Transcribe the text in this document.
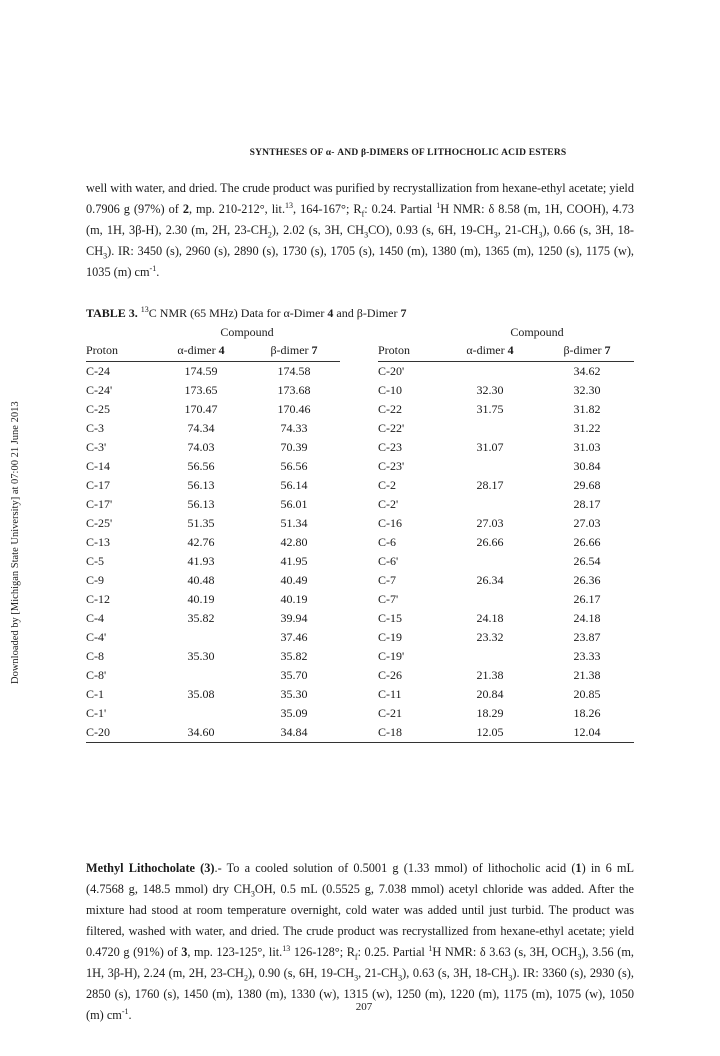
SYNTHESES OF α- AND β-DIMERS OF LITHOCHOLIC ACID ESTERS
Downloaded by [Michigan State University] at 07:00 21 June 2013

well with water, and dried. The crude product was purified by recrystallization from hexane-ethyl acetate; yield 0.7906 g (97%) of 2, mp. 210-212°, lit.$^{13}$, 164-167°; $R_f$: 0.24. Partial $^1$H NMR: δ 8.58 (m, 1H, COOH), 4.73 (m, 1H, 3β-H), 2.30 (m, 2H, $23-CH_2$), 2.02 (s, 3H, $CH_3CO$), 0.93 (s, 6H, $19-CH_3$, $21-CH_3$), 0.66 (s, 3H, $18-CH_3$). IR: 3450 (s), 2960 (s), 2890 (s), 1730 (s), 1705 (s), 1450 (m), 1380 (m), 1365 (m), 1250 (s), 1175 (w), 1035 (m) $cm^{-1}$.

TABLE 3. $^{13}$C NMR (65 MHz) Data for α-Dimer 4 and β-Dimer 7

	Compound				Compound	
Proton	α-dimer 4	β-dimer 7		Proton	α-dimer 4	β-dimer 7
C-24	174.59	174.58		C-20'		34.62
C-24'	173.65	173.68		C-10	32.30	32.30
C-25	170.47	170.46		C-22	31.75	31.82
C-3	74.34	74.33		C-22'		31.22
C-3'	74.03	70.39		C-23	31.07	31.03
C-14	56.56	56.56		C-23'		30.84
C-17	56.13	56.14		C-2	28.17	29.68
C-17'	56.13	56.01		C-2'		28.17
C-25'	51.35	51.34		C-16	27.03	27.03
C-13	42.76	42.80		C-6	26.66	26.66
C-5	41.93	41.95		C-6'		26.54
C-9	40.48	40.49		C-7	26.34	26.36
C-12	40.19	40.19		C-7'		26.17
C-4	35.82	39.94		C-15	24.18	24.18
C-4'		37.46		C-19	23.32	23.87
C-8	35.30	35.82		C-19'		23.33
C-8'		35.70		C-26	21.38	21.38
C-1	35.08	35.30		C-11	20.84	20.85
C-1'		35.09		C-21	18.29	18.26
C-20	34.60	34.84		C-18	12.05	12.04

Methyl Lithocholate (3).- To a cooled solution of 0.5001 g (1.33 mmol) of lithocholic acid (1) in 6 mL (4.7568 g, 148.5 mmol) dry $CH_3OH$, 0.5 mL (0.5525 g, 7.038 mmol) acetyl chloride was added. After the mixture had stood at room temperature overnight, cold water was added until just turbid. The product was filtered, washed with water, and dried. The crude product was recrystallized from hexane-ethyl acetate; yield 0.4720 g (91%) of 3, mp. 123-125°, lit.$^{13}$ 126-128°; $R_f$: 0.25. Partial $^1$H NMR: δ 3.63 (s, 3H, $OCH_3$), 3.56 (m, 1H, 3β-H), 2.24 (m, 2H, $23-CH_2$), 0.90 (s, 6H, $19-CH_3$, $21-CH_3$), 0.63 (s, 3H, $18-CH_3$). IR: 3360 (s), 2930 (s), 2850 (s), 1760 (s), 1450 (m), 1380 (m), 1330 (w), 1315 (w), 1250 (m), 1220 (m), 1175 (m), 1075 (w), 1050 (m) $cm^{-1}$.

207
